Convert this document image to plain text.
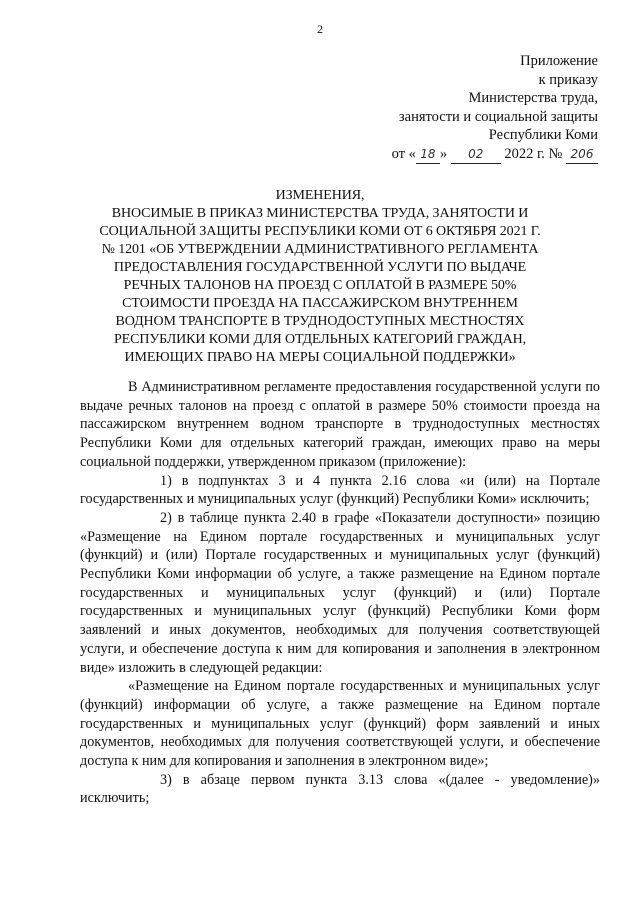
2
Приложение
к приказу
Министерства труда,
занятости и социальной защиты
Республики Коми
от « 18 » 02 2022 г. № 206
ИЗМЕНЕНИЯ,
ВНОСИМЫЕ В ПРИКАЗ МИНИСТЕРСТВА ТРУДА, ЗАНЯТОСТИ И
СОЦИАЛЬНОЙ ЗАЩИТЫ РЕСПУБЛИКИ КОМИ ОТ 6 ОКТЯБРЯ 2021 Г.
№ 1201 «ОБ УТВЕРЖДЕНИИ АДМИНИСТРАТИВНОГО РЕГЛАМЕНТА
ПРЕДОСТАВЛЕНИЯ ГОСУДАРСТВЕННОЙ УСЛУГИ ПО ВЫДАЧЕ
РЕЧНЫХ ТАЛОНОВ НА ПРОЕЗД С ОПЛАТОЙ В РАЗМЕРЕ 50%
СТОИМОСТИ ПРОЕЗДА НА ПАССАЖИРСКОМ ВНУТРЕННЕМ
ВОДНОМ ТРАНСПОРТЕ В ТРУДНОДОСТУПНЫХ МЕСТНОСТЯХ
РЕСПУБЛИКИ КОМИ ДЛЯ ОТДЕЛЬНЫХ КАТЕГОРИЙ ГРАЖДАН,
ИМЕЮЩИХ ПРАВО НА МЕРЫ СОЦИАЛЬНОЙ ПОДДЕРЖКИ»

В Административном регламенте предоставления государственной услуги по выдаче речных талонов на проезд с оплатой в размере 50% стоимости проезда на пассажирском внутреннем водном транспорте в труднодоступных местностях Республики Коми для отдельных категорий граждан, имеющих право на меры социальной поддержки, утвержденном приказом (приложение):

1) в подпунктах 3 и 4 пункта 2.16 слова «и (или) на Портале государственных и муниципальных услуг (функций) Республики Коми» исключить;

2) в таблице пункта 2.40 в графе «Показатели доступности» позицию «Размещение на Едином портале государственных и муниципальных услуг (функций) и (или) Портале государственных и муниципальных услуг (функций) Республики Коми информации об услуге, а также размещение на Едином портале государственных и муниципальных услуг (функций) и (или) Портале государственных и муниципальных услуг (функций) Республики Коми форм заявлений и иных документов, необходимых для получения соответствующей услуги, и обеспечение доступа к ним для копирования и заполнения в электронном виде» изложить в следующей редакции:

«Размещение на Едином портале государственных и муниципальных услуг (функций) информации об услуге, а также размещение на Едином портале государственных и муниципальных услуг (функций) форм заявлений и иных документов, необходимых для получения соответствующей услуги, и обеспечение доступа к ним для копирования и заполнения в электронном виде»;

3) в абзаце первом пункта 3.13 слова «(далее - уведомление)» исключить;
